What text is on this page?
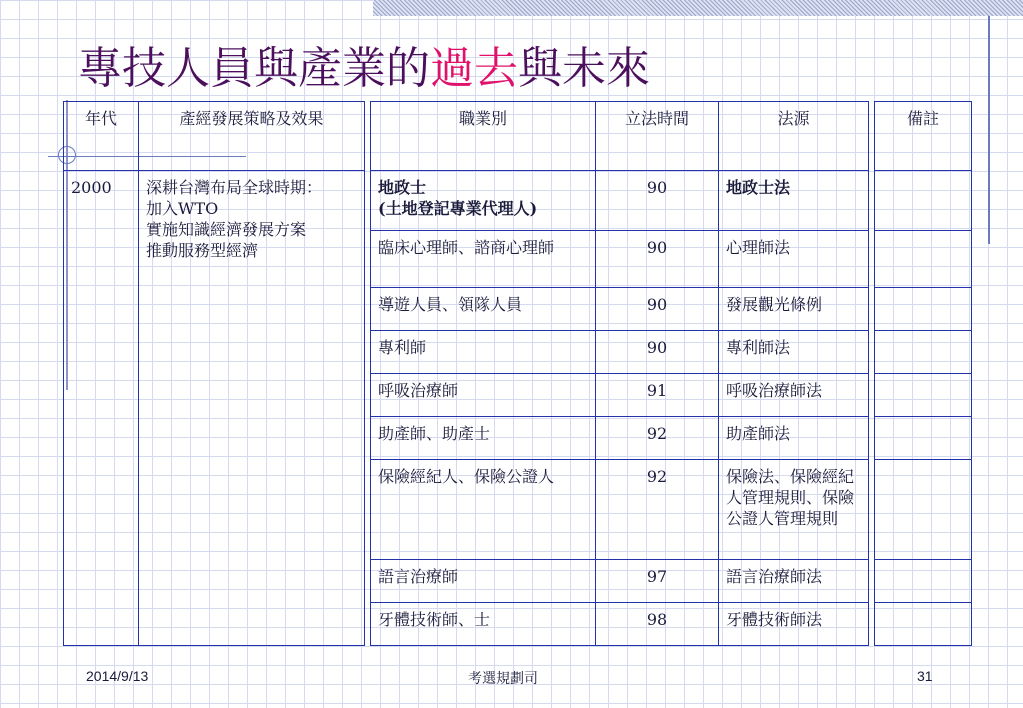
專技人員與產業的過去與未來
年代	產經發展策略及效果		職業別	立法時間	法源		備註
2000	深耕台灣布局全球時期：
加入WTO
實施知識經濟發展方案
推動服務型經濟		地政士
(土地登記專業代理人)	90	地政士法		
			臨床心理師、諮商心理師	90	心理師法		
			導遊人員、領隊人員	90	發展觀光條例		
			專利師	90	專利師法		
			呼吸治療師	91	呼吸治療師法		
			助產師、助產士	92	助產師法		
			保險經紀人、保險公證人	92	保險法、保險經紀人管理規則、保險公證人管理規則		
			語言治療師	97	語言治療師法		
			牙體技術師、士	98	牙體技術師法		
2014/9/13	考選規劃司	31
